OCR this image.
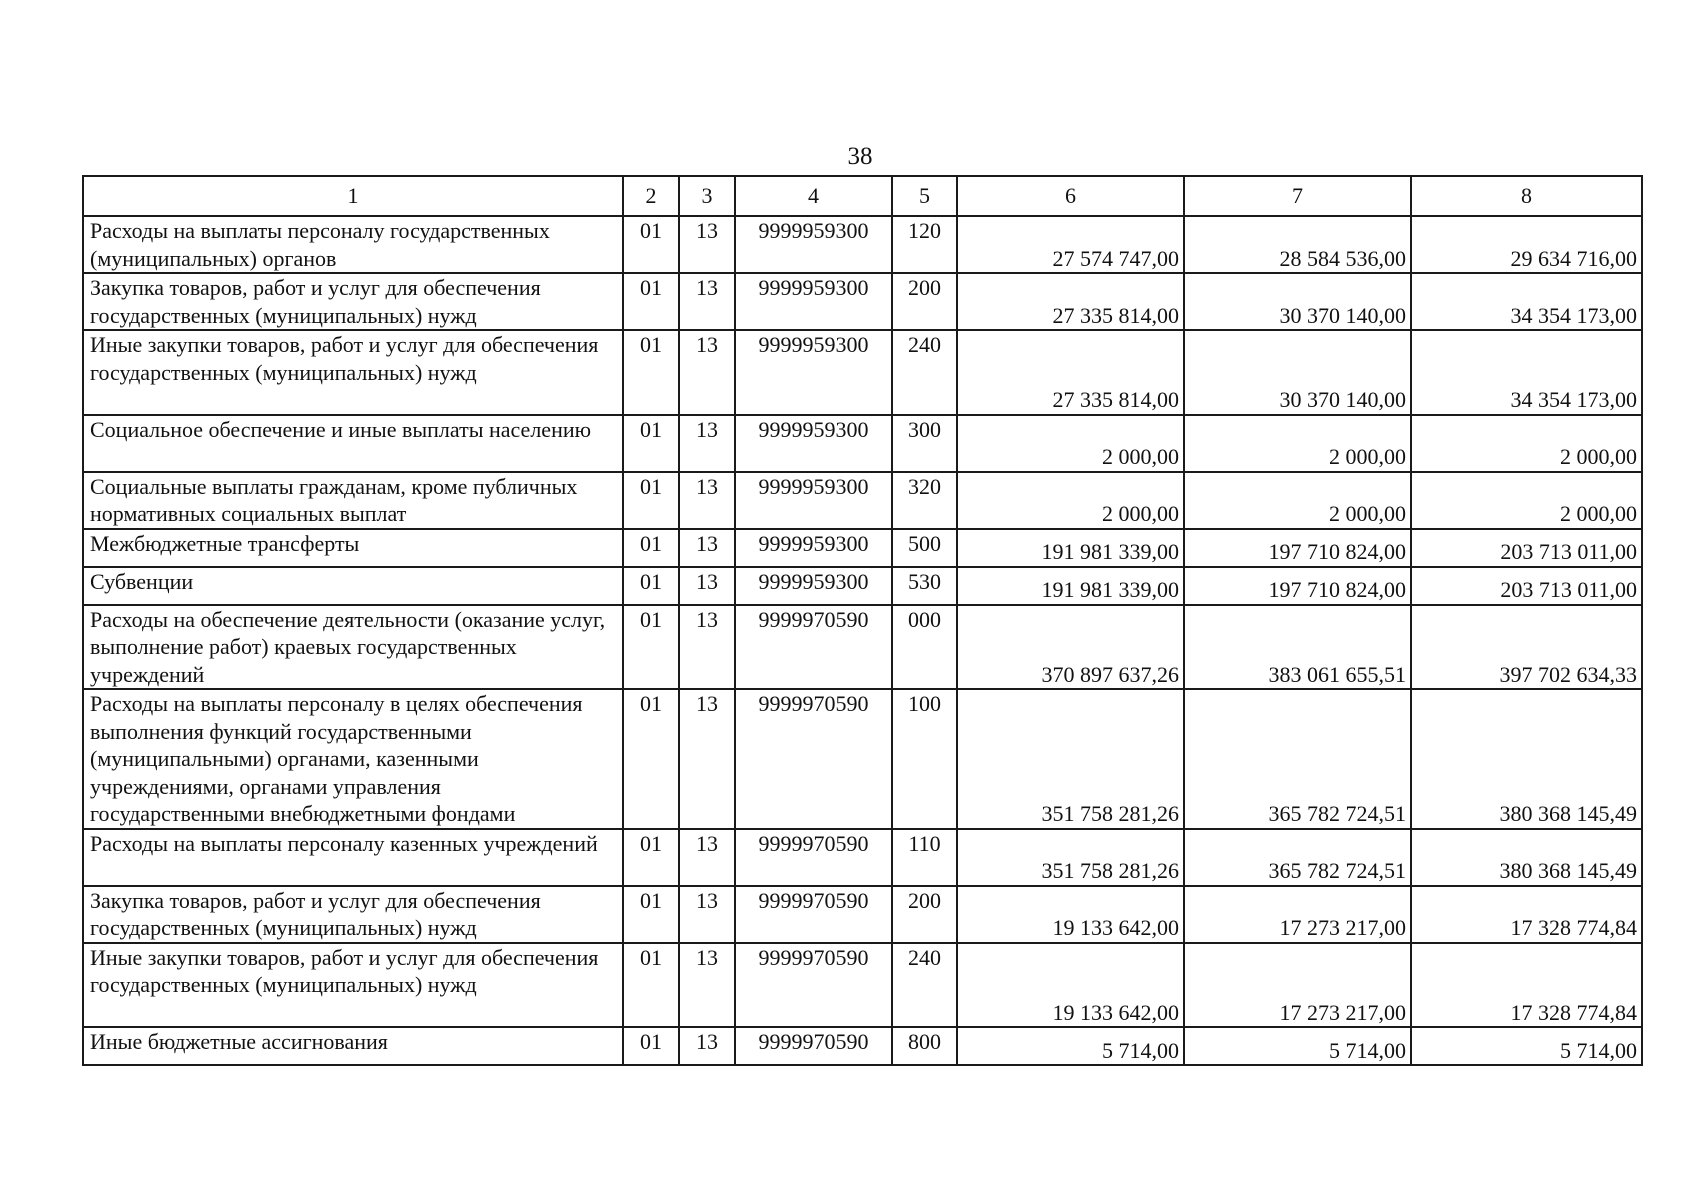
38
1	2	3	4	5	6	7	8
Расходы на выплаты персоналу государственных (муниципальных) органов	01	13	9999959300	120	27 574 747,00	28 584 536,00	29 634 716,00
Закупка товаров, работ и услуг для обеспечения государственных (муниципальных) нужд	01	13	9999959300	200	27 335 814,00	30 370 140,00	34 354 173,00
Иные закупки товаров, работ и услуг для обеспечения государственных (муниципальных) нужд	01	13	9999959300	240	27 335 814,00	30 370 140,00	34 354 173,00
Социальное обеспечение и иные выплаты населению	01	13	9999959300	300	2 000,00	2 000,00	2 000,00
Социальные выплаты гражданам, кроме публичных нормативных социальных выплат	01	13	9999959300	320	2 000,00	2 000,00	2 000,00
Межбюджетные трансферты	01	13	9999959300	500	191 981 339,00	197 710 824,00	203 713 011,00
Субвенции	01	13	9999959300	530	191 981 339,00	197 710 824,00	203 713 011,00
Расходы на обеспечение деятельности (оказание услуг, выполнение работ) краевых государственных учреждений	01	13	9999970590	000	370 897 637,26	383 061 655,51	397 702 634,33
Расходы на выплаты персоналу в целях обеспечения выполнения функций государственными (муниципальными) органами, казенными учреждениями, органами управления государственными внебюджетными фондами	01	13	9999970590	100	351 758 281,26	365 782 724,51	380 368 145,49
Расходы на выплаты персоналу казенных учреждений	01	13	9999970590	110	351 758 281,26	365 782 724,51	380 368 145,49
Закупка товаров, работ и услуг для обеспечения государственных (муниципальных) нужд	01	13	9999970590	200	19 133 642,00	17 273 217,00	17 328 774,84
Иные закупки товаров, работ и услуг для обеспечения государственных (муниципальных) нужд	01	13	9999970590	240	19 133 642,00	17 273 217,00	17 328 774,84
Иные бюджетные ассигнования	01	13	9999970590	800	5 714,00	5 714,00	5 714,00
